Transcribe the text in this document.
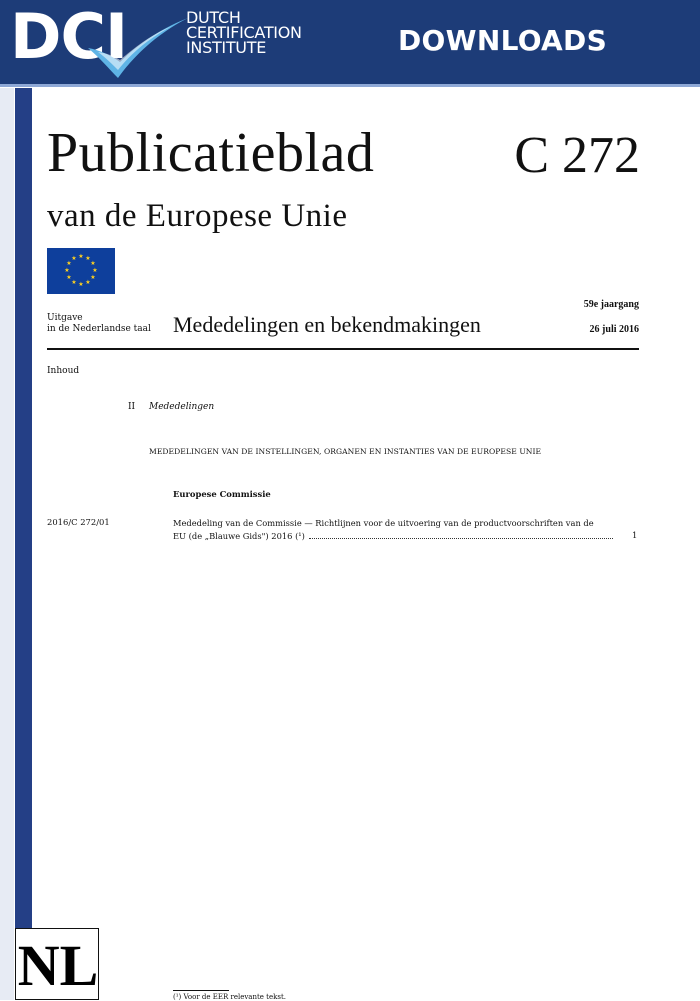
DCI	DUTCH
CERTIFICATION
INSTITUTE	DOWNLOADS
Publicatieblad	C 272
van de Europese Unie
★ ★
★
★
★
★
★
★
★
★
★
★
Uitgave
in de Nederlandse taal Mededelingen en bekendmakingen
59e jaargang
26 juli 2016
Inhoud
II Mededelingen
MEDEDELINGEN VAN DE INSTELLINGEN, ORGANEN EN INSTANTIES VAN DE EUROPESE UNIE
Europese Commissie
2016/C 272/01	Mededeling van de Commissie — Richtlijnen voor de uitvoering van de productvoorschriften van de
EU (de „Blauwe Gids") 2016 (¹)	1
NL	(¹) Voor de EER relevante tekst.
